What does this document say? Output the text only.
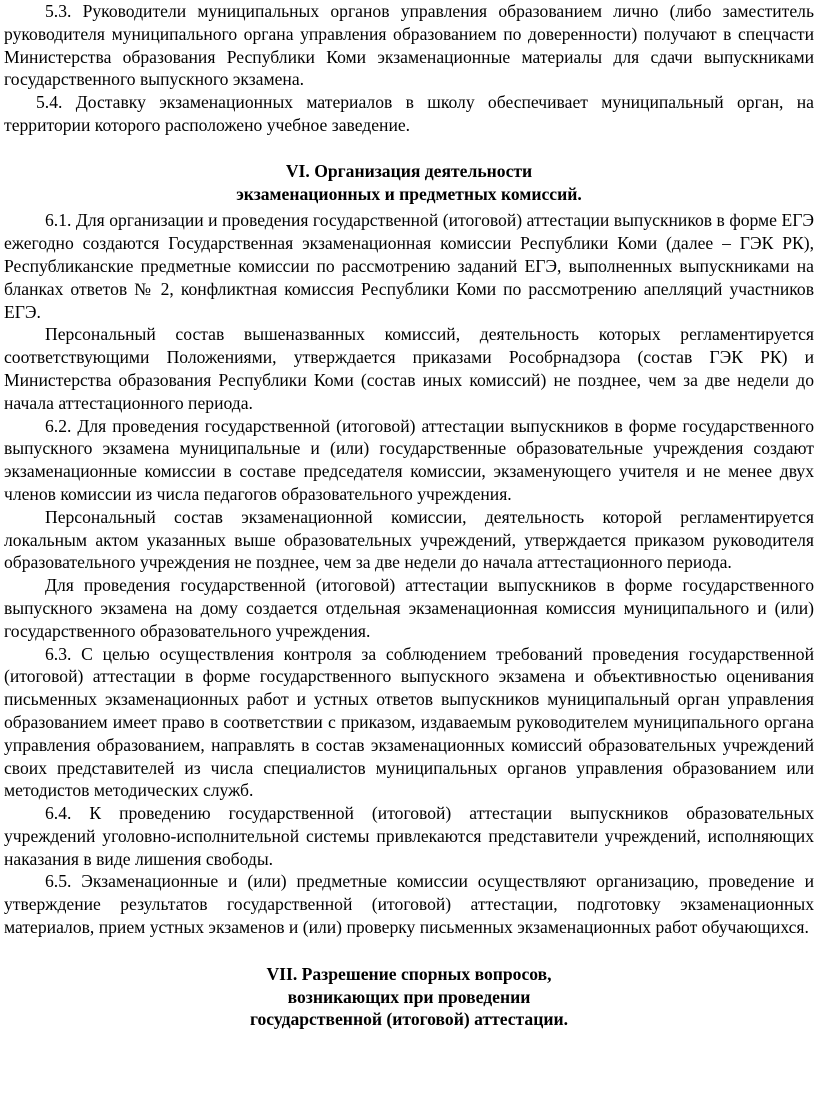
5.3. Руководители муниципальных органов управления образованием лично (либо заместитель руководителя муниципального органа управления образованием по доверенности) получают в спецчасти Министерства образования Республики Коми экзаменационные материалы для сдачи выпускниками государственного выпускного экзамена.

5.4. Доставку экзаменационных материалов в школу обеспечивает муниципальный орган, на территории которого расположено учебное заведение.

VI. Организация деятельности

экзаменационных и предметных комиссий.

6.1. Для организации и проведения государственной (итоговой) аттестации выпускников в форме ЕГЭ ежегодно создаются Государственная экзаменационная комиссии Республики Коми (далее – ГЭК РК), Республиканские предметные комиссии по рассмотрению заданий ЕГЭ, выполненных выпускниками на бланках ответов № 2, конфликтная комиссия Республики Коми по рассмотрению апелляций участников ЕГЭ.

Персональный состав вышеназванных комиссий, деятельность которых регламентируется соответствующими Положениями, утверждается приказами Рособрнадзора (состав ГЭК РК) и Министерства образования Республики Коми (состав иных комиссий) не позднее, чем за две недели до начала аттестационного периода.

6.2. Для проведения государственной (итоговой) аттестации выпускников в форме государственного выпускного экзамена муниципальные и (или) государственные образовательные учреждения создают экзаменационные комиссии в составе председателя комиссии, экзаменующего учителя и не менее двух членов комиссии из числа педагогов образовательного учреждения.

Персональный состав экзаменационной комиссии, деятельность которой регламентируется локальным актом указанных выше образовательных учреждений, утверждается приказом руководителя образовательного учреждения не позднее, чем за две недели до начала аттестационного периода.

Для проведения государственной (итоговой) аттестации выпускников в форме государственного выпускного экзамена на дому создается отдельная экзаменационная комиссия муниципального и (или) государственного образовательного учреждения.

6.3. С целью осуществления контроля за соблюдением требований проведения государственной (итоговой) аттестации в форме государственного выпускного экзамена и объективностью оценивания письменных экзаменационных работ и устных ответов выпускников муниципальный орган управления образованием имеет право в соответствии с приказом, издаваемым руководителем муниципального органа управления образованием, направлять в состав экзаменационных комиссий образовательных учреждений своих представителей из числа специалистов муниципальных органов управления образованием или методистов методических служб.

6.4. К проведению государственной (итоговой) аттестации выпускников образовательных учреждений уголовно-исполнительной системы привлекаются представители учреждений, исполняющих наказания в виде лишения свободы.

6.5. Экзаменационные и (или) предметные комиссии осуществляют организацию, проведение и утверждение результатов государственной (итоговой) аттестации, подготовку экзаменационных материалов, прием устных экзаменов и (или) проверку письменных экзаменационных работ обучающихся.

VII. Разрешение спорных вопросов,

возникающих при проведении

государственной (итоговой) аттестации.
